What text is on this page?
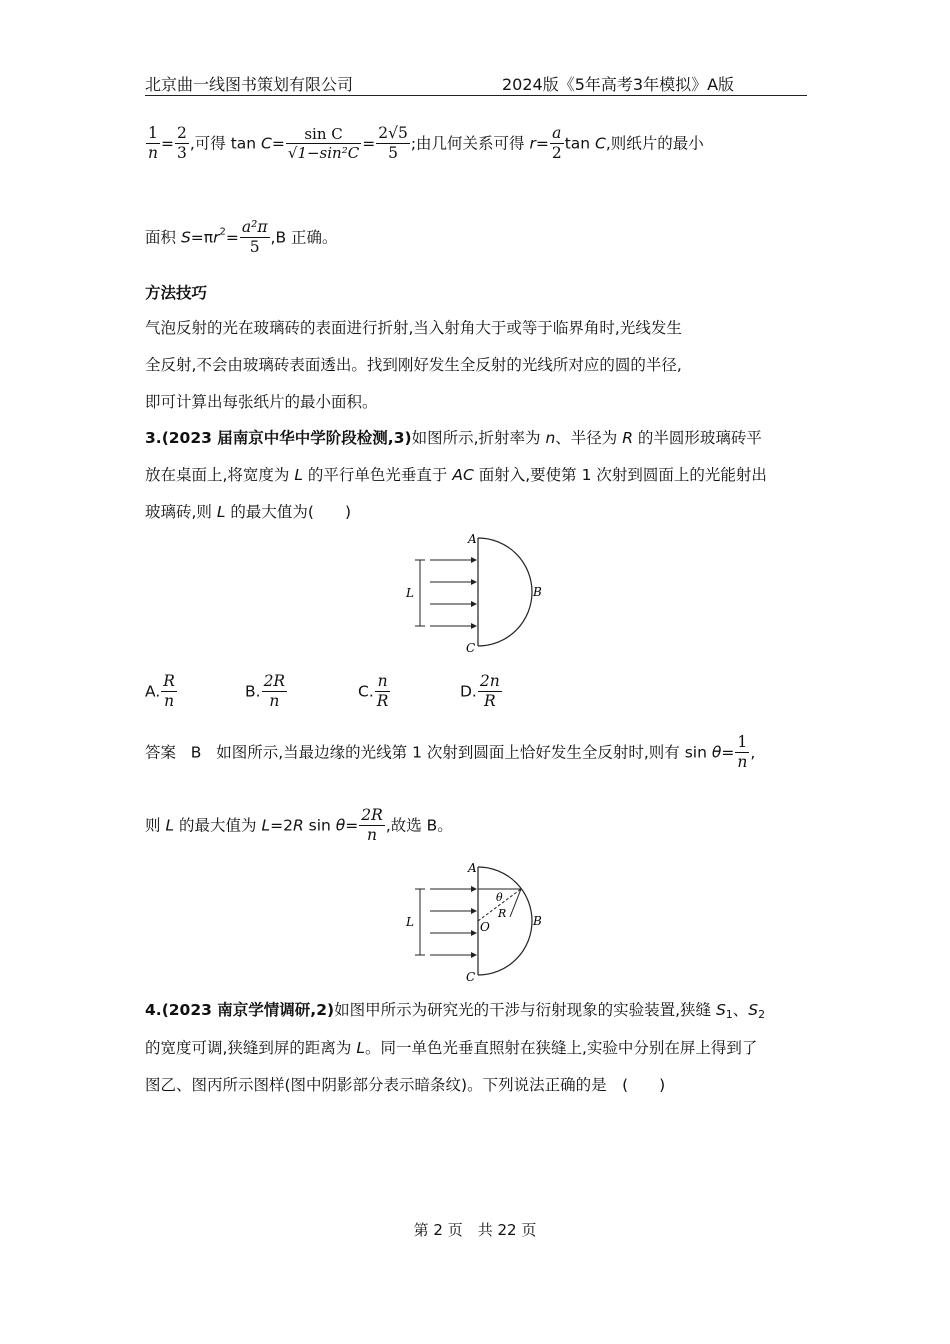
北京曲一线图书策划有限公司	2024版《5年高考3年模拟》A版
$\frac{1}{n} = \frac{2}{3}$ ,可得 $\tan C= \frac{\text{sin C}}{\text{√1−sin²C}} = \frac{2√5}{5}$ ;由几何关系可得 $r= \frac{a}{2}$ tan C,则纸片的最小
面积 $S=\pi r^2= \frac{\text{a²π}}{5} ,B$ 正确。
方法技巧
气泡反射的光在玻璃砖的表面进行折射,当入射角大于或等于临界角时,光线发生
全反射,不会由玻璃砖表面透出。找到刚好发生全反射的光线所对应的圆的半径,
即可计算出每张纸片的最小面积。
3.(2023 届南京中华中学阶段检测,3)如图所示,折射率为 n、半径为 R 的半圆形玻璃砖平
放在桌面上,将宽度为 L 的平行单色光垂直于 AC 面射入,要使第 1 次射到圆面上的光能射出
玻璃砖,则 L 的最大值为(　　)
A
B
C
L
A. $\frac{R}{n}$	B. $\frac{2R}{n}$	C. $\frac{n}{R}$	D. $\frac{2n}{R}$
答案 B 如图所示,当最边缘的光线第 1 次射到圆面上恰好发生全反射时,则有 $\sin \theta= \frac{1}{n}$ ,
则 L 的最大值为 L=2R $\sin \theta= \frac{2R}{n}$ ,故选 B。
θ
R
O
A
B
C
L
4.(2023 南京学情调研,2)如图甲所示为研究光的干涉与衍射现象的实验装置,狭缝 $S_1$、$S_2$
的宽度可调,狭缝到屏的距离为 L。同一单色光垂直照射在狭缝上,实验中分别在屏上得到了
图乙、图丙所示图样(图中阴影部分表示暗条纹)。下列说法正确的是　(　　)
第 2 页　共 22 页
